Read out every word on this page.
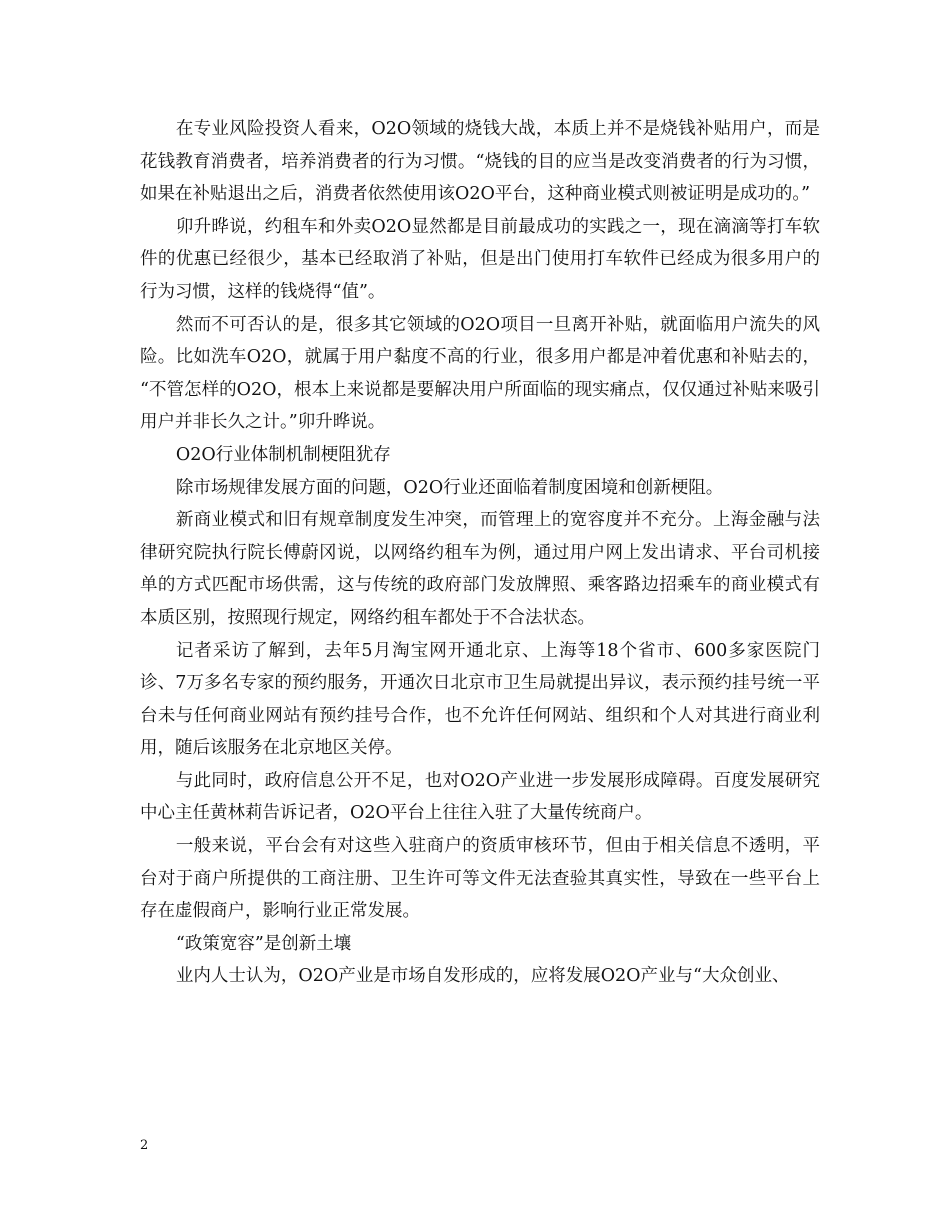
在专业风险投资人看来，O2O领域的烧钱大战，本质上并不是烧钱补贴用户，而是花钱教育消费者，培养消费者的行为习惯。“烧钱的目的应当是改变消费者的行为习惯，如果在补贴退出之后，消费者依然使用该O2O平台，这种商业模式则被证明是成功的。”

卯升晔说，约租车和外卖O2O显然都是目前最成功的实践之一，现在滴滴等打车软件的优惠已经很少，基本已经取消了补贴，但是出门使用打车软件已经成为很多用户的行为习惯，这样的钱烧得“值”。

然而不可否认的是，很多其它领域的O2O项目一旦离开补贴，就面临用户流失的风险。比如洗车O2O，就属于用户黏度不高的行业，很多用户都是冲着优惠和补贴去的， “不管怎样的O2O，根本上来说都是要解决用户所面临的现实痛点，仅仅通过补贴来吸引用户并非长久之计。”卯升晔说。

O2O行业体制机制梗阻犹存

除市场规律发展方面的问题，O2O行业还面临着制度困境和创新梗阻。

新商业模式和旧有规章制度发生冲突，而管理上的宽容度并不充分。上海金融与法律研究院执行院长傅蔚冈说，以网络约租车为例，通过用户网上发出请求、平台司机接单的方式匹配市场供需，这与传统的政府部门发放牌照、乘客路边招乘车的商业模式有本质区别，按照现行规定，网络约租车都处于不合法状态。

记者采访了解到，去年5月淘宝网开通北京、上海等18个省市、600多家医院门诊、7万多名专家的预约服务，开通次日北京市卫生局就提出异议，表示预约挂号统一平台未与任何商业网站有预约挂号合作，也不允许任何网站、组织和个人对其进行商业利用，随后该服务在北京地区关停。

与此同时，政府信息公开不足，也对O2O产业进一步发展形成障碍。百度发展研究中心主任黄林莉告诉记者，O2O平台上往往入驻了大量传统商户。

一般来说，平台会有对这些入驻商户的资质审核环节，但由于相关信息不透明，平台对于商户所提供的工商注册、卫生许可等文件无法查验其真实性，导致在一些平台上存在虚假商户，影响行业正常发展。

“政策宽容”是创新土壤

业内人士认为，O2O产业是市场自发形成的，应将发展O2O产业与“大众创业、

2
